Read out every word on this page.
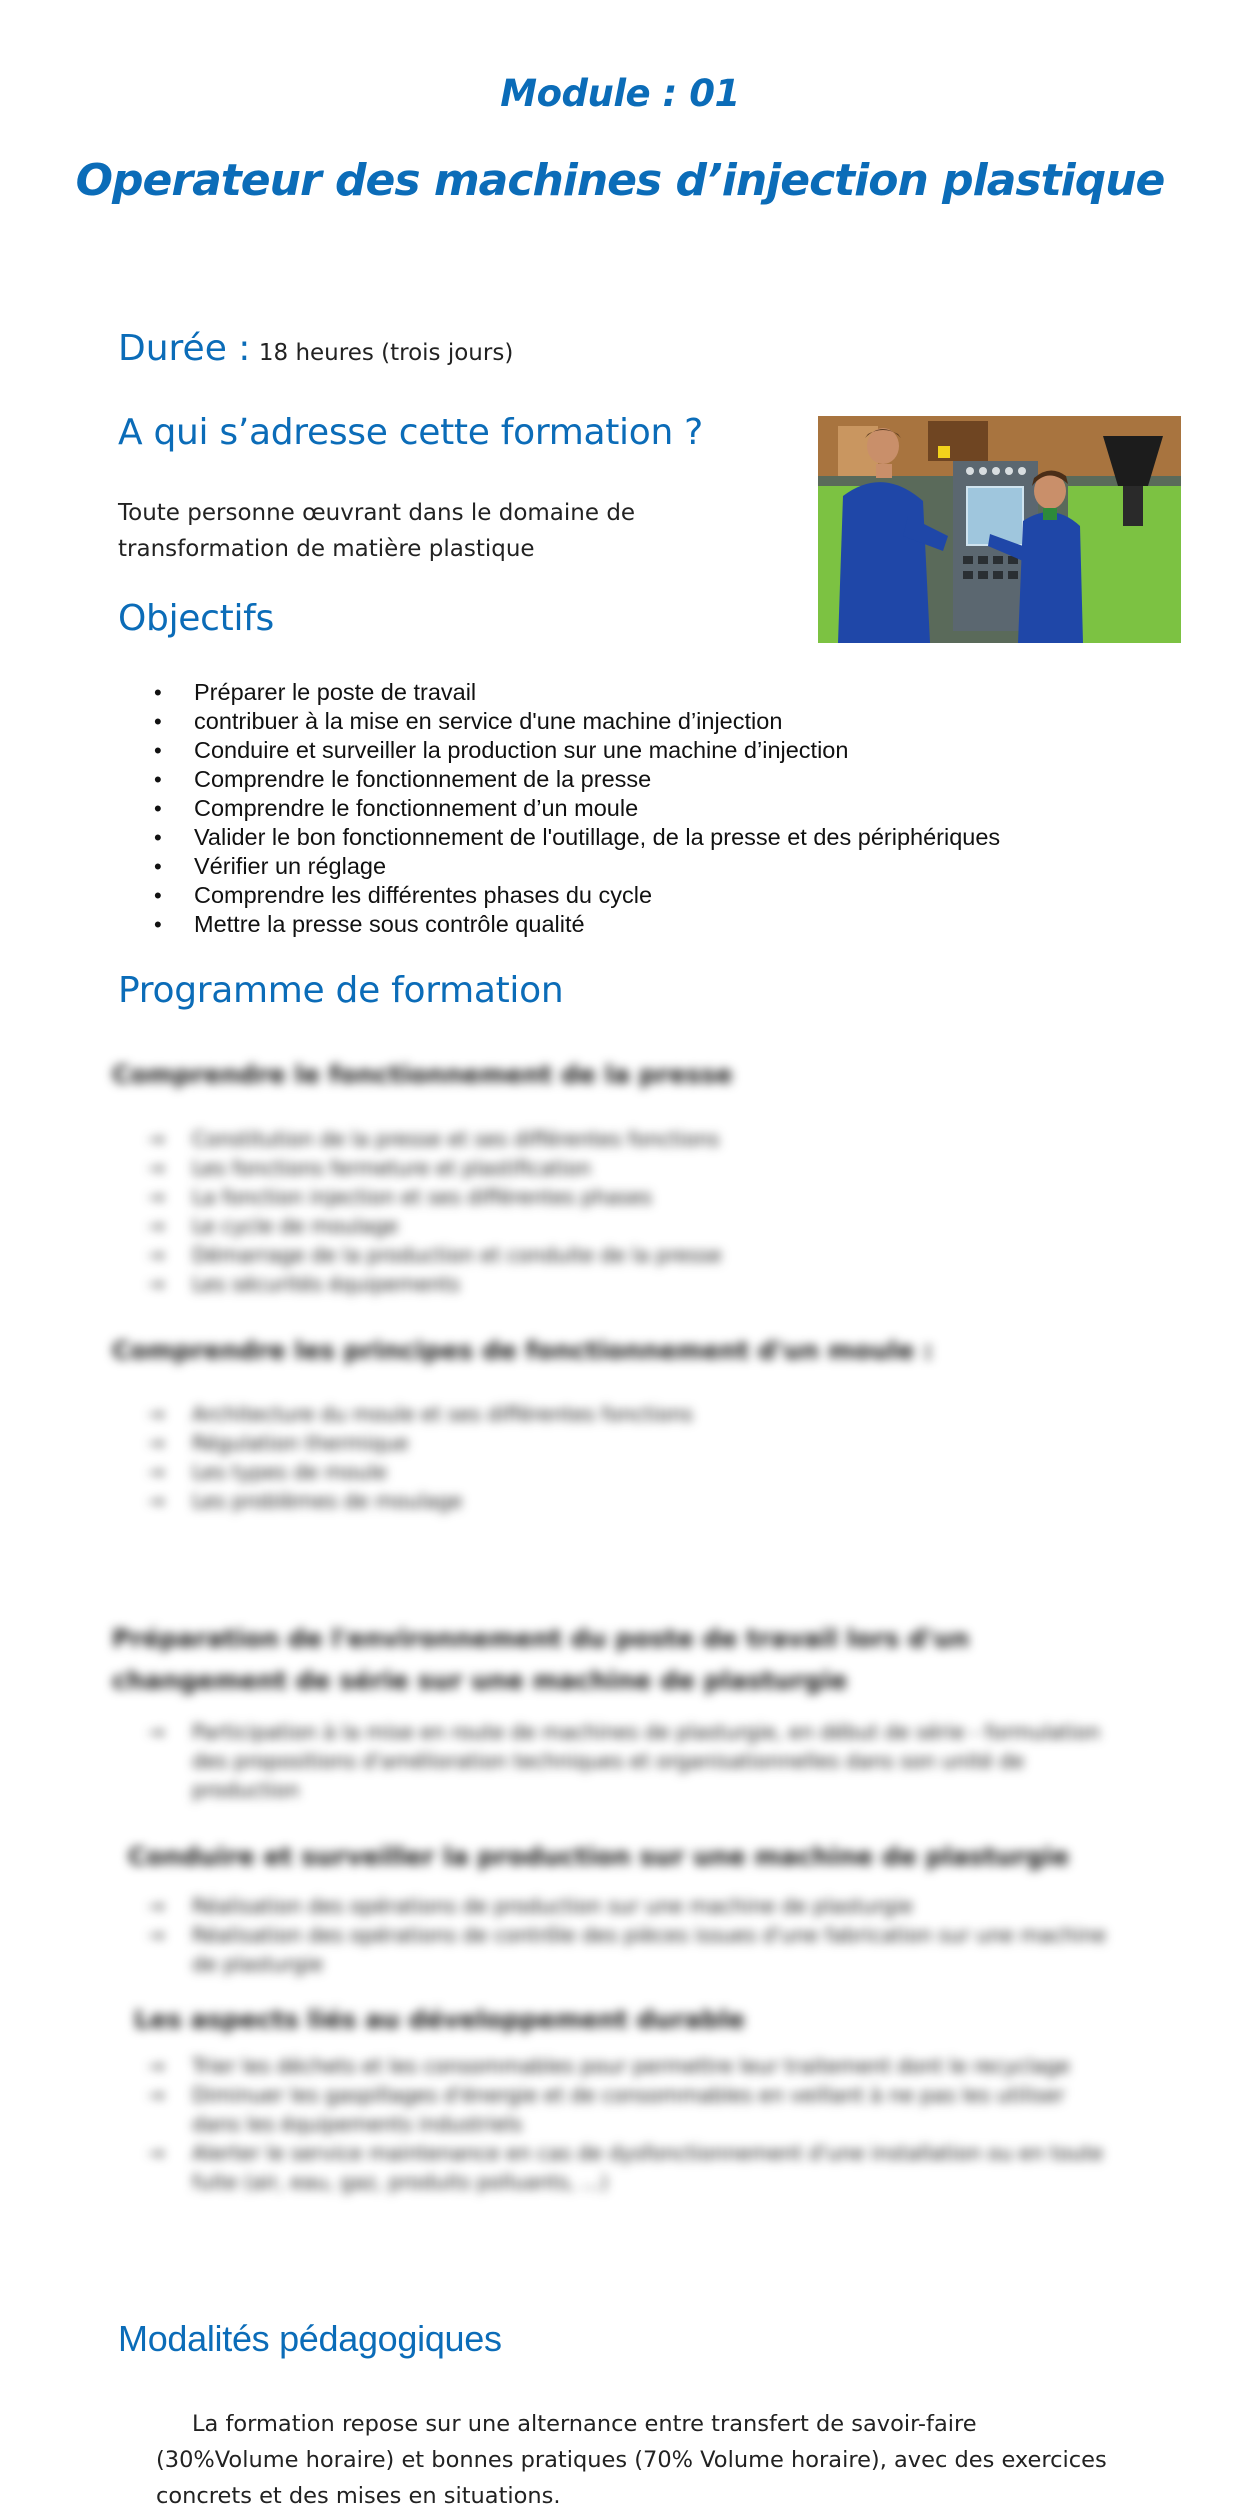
Module : 01
Operateur des machines d’injection plastique
Durée : 18 heures (trois jours)
A qui s’adresse cette formation ?
Toute personne œuvrant dans le domaine de transformation de matière plastique
Objectifs
• Préparer le poste de travail
• contribuer à la mise en service d'une machine d’injection
• Conduire et surveiller la production sur une machine d’injection
• Comprendre le fonctionnement de la presse
• Comprendre le fonctionnement d’un moule
• Valider le bon fonctionnement de l'outillage, de la presse et des périphériques
• Vérifier un réglage
• Comprendre les différentes phases du cycle
• Mettre la presse sous contrôle qualité
Programme de formation
Comprendre le fonctionnement de la presse
→ Constitution de la presse et ses différentes fonctions
→ Les fonctions fermeture et plastification
→ La fonction injection et ses différentes phases
→ Le cycle de moulage
→ Démarrage de la production et conduite de la presse
→ Les sécurités équipements
Comprendre les principes de fonctionnement d'un moule :
→ Architecture du moule et ses différentes fonctions
→ Régulation thermique
→ Les types de moule
→ Les problèmes de moulage
Préparation de l'environnement du poste de travail lors d'un changement de série sur une machine de plasturgie
→ Participation à la mise en route de machines de plasturgie, en début de série - formulation des propositions d'amélioration techniques et organisationnelles dans son unité de production
Conduire et surveiller la production sur une machine de plasturgie
→ Réalisation des opérations de production sur une machine de plasturgie
→ Réalisation des opérations de contrôle des pièces issues d'une fabrication sur une machine de plasturgie
Les aspects liés au développement durable
→ Trier les déchets et les consommables pour permettre leur traitement dont le recyclage
→ Diminuer les gaspillages d'énergie et de consommables en veillant à ne pas les utiliser dans les équipements industriels
→ Alerter le service maintenance en cas de dysfonctionnement d'une installation ou en toute fuite (air, eau, gaz, produits polluants, ...)
Modalités pédagogiques
La formation repose sur une alternance entre transfert de savoir-faire (30%Volume horaire) et bonnes pratiques (70% Volume horaire), avec des exercices concrets et des mises en situations.
